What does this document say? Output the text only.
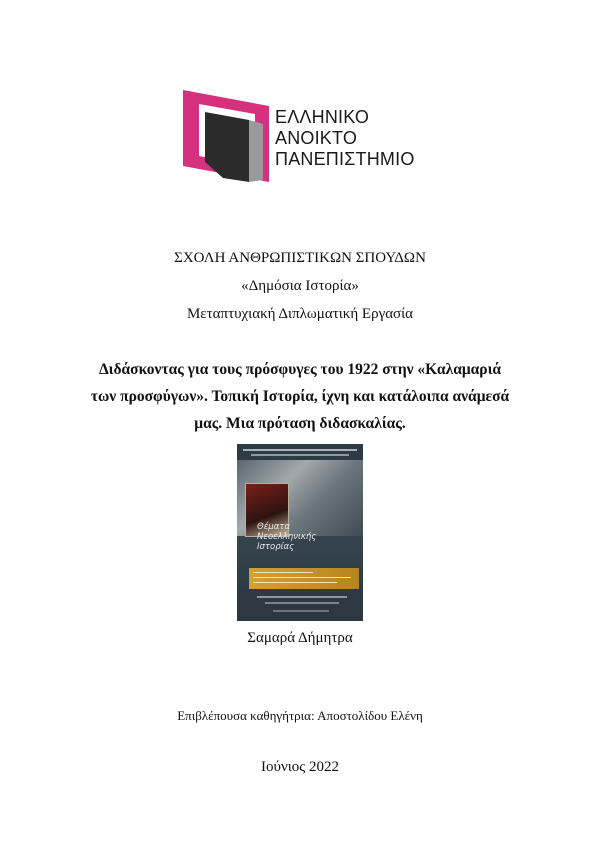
ΕΛΛΗΝΙΚΟ
ΑΝΟΙΚΤΟ
ΠΑΝΕΠΙΣΤΗΜΙΟ
ΣΧΟΛΗ ΑΝΘΡΩΠΙΣΤΙΚΩΝ ΣΠΟΥΔΩΝ
«Δημόσια Ιστορία»
Μεταπτυχιακή Διπλωματική Εργασία
Διδάσκοντας για τους πρόσφυγες του 1922 στην «Καλαμαριά των προσφύγων». Τοπική Ιστορία, ίχνη και κατάλοιπα ανάμεσά μας. Μια πρόταση διδασκαλίας.
Θέματα
Νεοελληνικής
Ιστορίας
Σαμαρά Δήμητρα
Επιβλέπουσα καθηγήτρια: Αποστολίδου Ελένη
Ιούνιος 2022
